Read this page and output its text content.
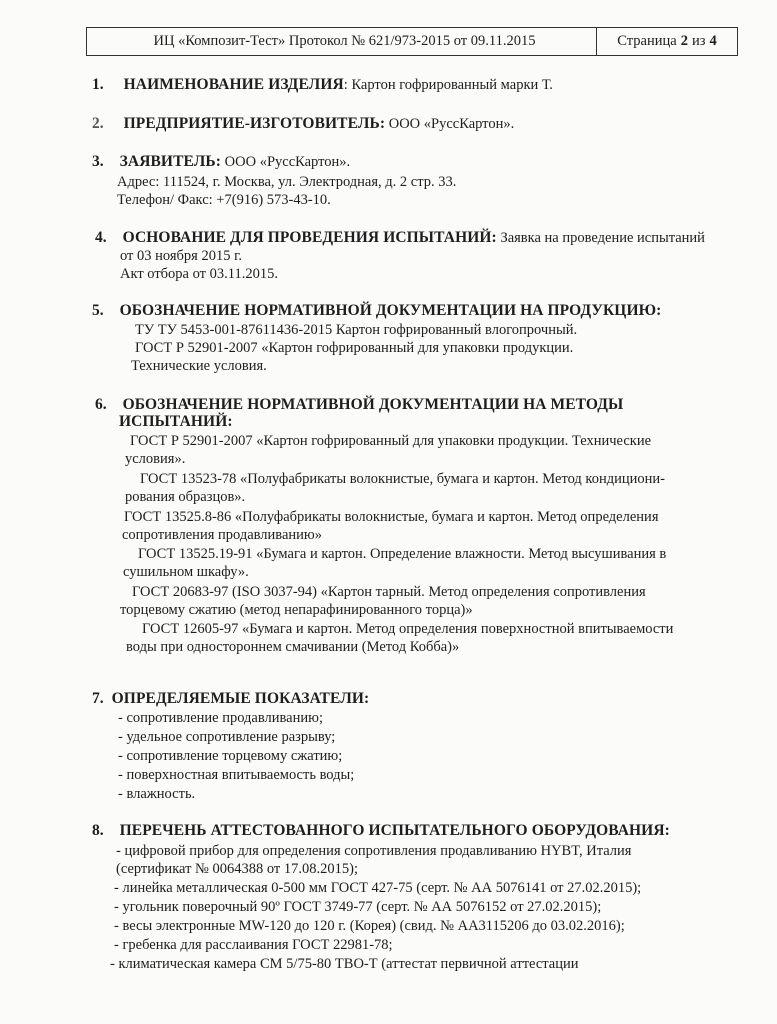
ИЦ «Композит-Тест» Протокол № 621/973-2015 от 09.11.2015	Страница 2 из 4
1. НАИМЕНОВАНИЕ ИЗДЕЛИЯ: Картон гофрированный марки Т.
2. ПРЕДПРИЯТИЕ-ИЗГОТОВИТЕЛЬ: ООО «РуссКартон».
3. ЗАЯВИТЕЛЬ: ООО «РуссКартон».
Адрес: 111524, г. Москва, ул. Электродная, д. 2 стр. 33.
Телефон/ Факс: +7(916) 573-43-10.
4. ОСНОВАНИЕ ДЛЯ ПРОВЕДЕНИЯ ИСПЫТАНИЙ: Заявка на проведение испытаний
от 03 ноября 2015 г.
Акт отбора от 03.11.2015.
5. ОБОЗНАЧЕНИЕ НОРМАТИВНОЙ ДОКУМЕНТАЦИИ НА ПРОДУКЦИЮ:
ТУ ТУ 5453-001-87611436-2015 Картон гофрированный влогопрочный.
ГОСТ Р 52901-2007 «Картон гофрированный для упаковки продукции.
Технические условия.
6. ОБОЗНАЧЕНИЕ НОРМАТИВНОЙ ДОКУМЕНТАЦИИ НА МЕТОДЫ
ИСПЫТАНИЙ:
ГОСТ Р 52901-2007 «Картон гофрированный для упаковки продукции. Технические
условия».
ГОСТ 13523-78 «Полуфабрикаты волокнистые, бумага и картон. Метод кондициони-
рования образцов».
ГОСТ 13525.8-86 «Полуфабрикаты волокнистые, бумага и картон. Метод определения
сопротивления продавливанию»
ГОСТ 13525.19-91 «Бумага и картон. Определение влажности. Метод высушивания в
сушильном шкафу».
ГОСТ 20683-97 (ISO 3037-94) «Картон тарный. Метод определения сопротивления
торцевому сжатию (метод непарафинированного торца)»
ГОСТ 12605-97 «Бумага и картон. Метод определения поверхностной впитываемости
воды при одностороннем смачивании (Метод Кобба)»
7. ОПРЕДЕЛЯЕМЫЕ ПОКАЗАТЕЛИ:
- сопротивление продавливанию;
- удельное сопротивление разрыву;
- сопротивление торцевому сжатию;
- поверхностная впитываемость воды;
- влажность.
8. ПЕРЕЧЕНЬ АТТЕСТОВАННОГО ИСПЫТАТЕЛЬНОГО ОБОРУДОВАНИЯ:
- цифровой прибор для определения сопротивления продавливанию HYBT, Италия
(сертификат № 0064388 от 17.08.2015);
- линейка металлическая 0-500 мм ГОСТ 427-75 (серт. № АА 5076141 от 27.02.2015);
- угольник поверочный 90º ГОСТ 3749-77 (серт. № АА 5076152 от 27.02.2015);
- весы электронные MW-120 до 120 г. (Корея) (свид. № АА3115206 до 03.02.2016);
- гребенка для расслаивания ГОСТ 22981-78;
- климатическая камера СМ 5/75-80 ТВО-Т (аттестат первичной аттестации
